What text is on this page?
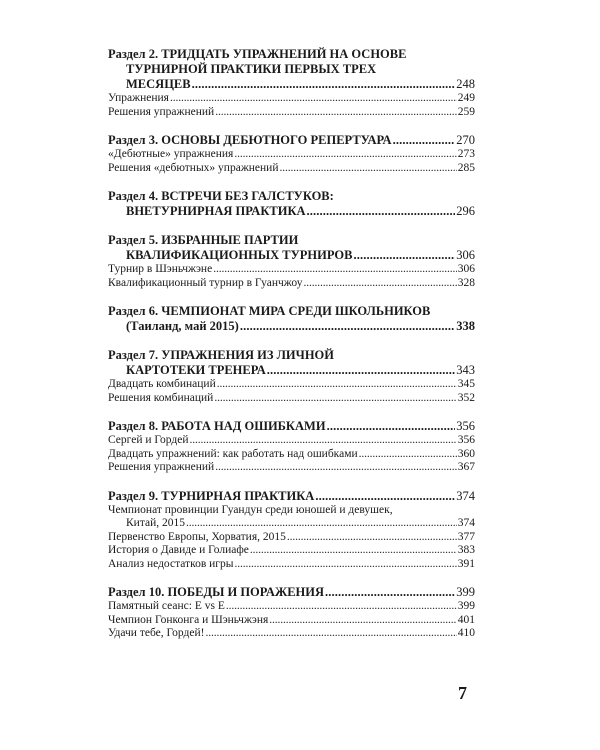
Раздел 2. ТРИДЦАТЬ УПРАЖНЕНИЙ НА ОСНОВЕ
ТУРНИРНОЙ ПРАКТИКИ ПЕРВЫХ ТРЕХ
МЕСЯЦЕВ . . .	248
Упражнения . . .	249
Решения упражнений . . .	259
Раздел 3. ОСНОВЫ ДЕБЮТНОГО РЕПЕРТУАРА . . .	270
«Дебютные» упражнения . . .	273
Решения «дебютных» упражнений . . .	285
Раздел 4. ВСТРЕЧИ БЕЗ ГАЛСТУКОВ:
ВНЕТУРНИРНАЯ ПРАКТИКА . . .	296
Раздел 5. ИЗБРАННЫЕ ПАРТИИ
КВАЛИФИКАЦИОННЫХ ТУРНИРОВ . . .	306
Турнир в Шэньчжэне . . .	306
Квалификационный турнир в Гуанчжоу . . .	328
Раздел 6. ЧЕМПИОНАТ МИРА СРЕДИ ШКОЛЬНИКОВ
(Таиланд, май 2015) . . .	338
Раздел 7. УПРАЖНЕНИЯ ИЗ ЛИЧНОЙ
КАРТОТЕКИ ТРЕНЕРА . . .	343
Двадцать комбинаций . . .	345
Решения комбинаций . . .	352
Раздел 8. РАБОТА НАД ОШИБКАМИ . . .	356
Сергей и Гордей . . .	356
Двадцать упражнений: как работать над ошибками . . .	360
Решения упражнений . . .	367
Раздел 9. ТУРНИРНАЯ ПРАКТИКА . . .	374
Чемпионат провинции Гуандун среди юношей и девушек,
Китай, 2015 . . .	374
Первенство Европы, Хорватия, 2015 . . .	377
История о Давиде и Голиафе . . .	383
Анализ недостатков игры . . .	391
Раздел 10. ПОБЕДЫ И ПОРАЖЕНИЯ . . .	399
Памятный сеанс: E vs E . . .	399
Чемпион Гонконга и Шэньчжэня . . .	401
Удачи тебе, Гордей! . . .	410
7
